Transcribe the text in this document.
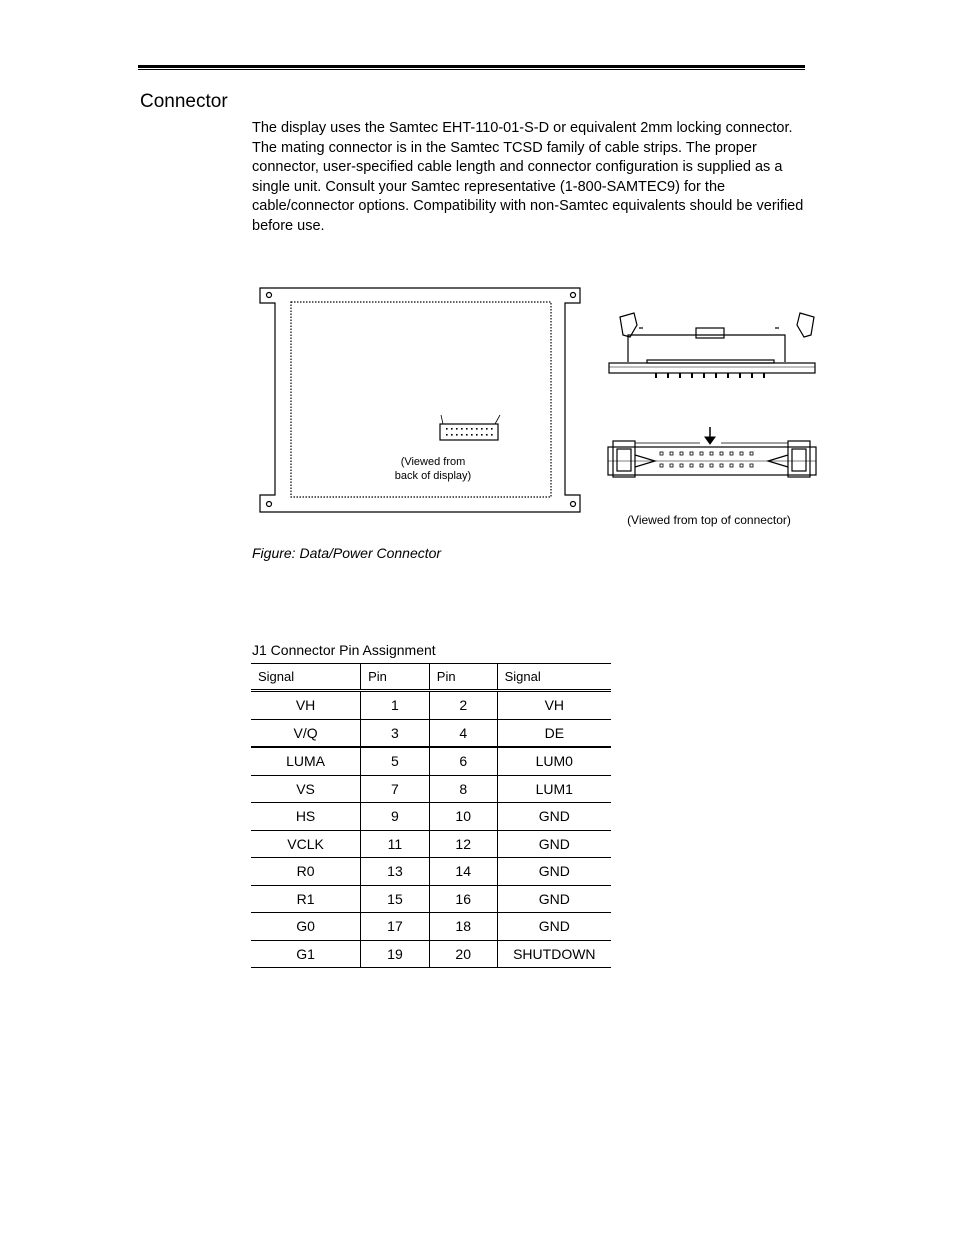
Connector

The display uses the Samtec EHT-110-01-S-D or equivalent 2mm locking connector. The mating connector is in the Samtec TCSD family of cable strips. The proper connector, user-specified cable length and connector configuration is supplied as a single unit. Consult your Samtec representative (1-800-SAMTEC9) for the cable/connector options. Compatibility with non-Samtec equivalents should be verified before use.

(Viewed from
back of display)
(Viewed from top of connector)

Figure: Data/Power Connector

J1 Connector Pin Assignment

Signal	Pin	Pin	Signal
VH	1	2	VH
V/Q	3	4	DE
LUMA	5	6	LUM0
VS	7	8	LUM1
HS	9	10	GND
VCLK	11	12	GND
R0	13	14	GND
R1	15	16	GND
G0	17	18	GND
G1	19	20	SHUTDOWN
